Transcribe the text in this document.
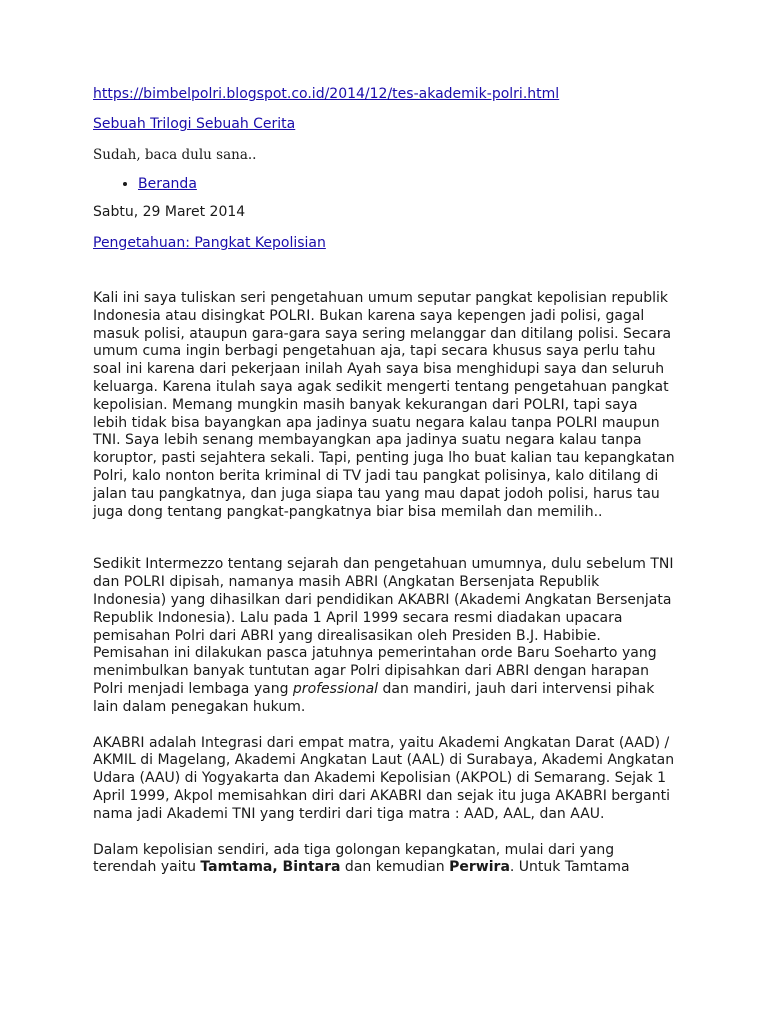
https://bimbelpolri.blogspot.co.id/2014/12/tes-akademik-polri.html

Sebuah Trilogi Sebuah Cerita

Sudah, baca dulu sana..

• Beranda

Sabtu, 29 Maret 2014

Pengetahuan: Pangkat Kepolisian

Kali ini saya tuliskan seri pengetahuan umum seputar pangkat kepolisian republik Indonesia atau disingkat POLRI. Bukan karena saya kepengen jadi polisi, gagal masuk polisi, ataupun gara-gara saya sering melanggar dan ditilang polisi. Secara umum cuma ingin berbagi pengetahuan aja, tapi secara khusus saya perlu tahu soal ini karena dari pekerjaan inilah Ayah saya bisa menghidupi saya dan seluruh keluarga. Karena itulah saya agak sedikit mengerti tentang pengetahuan pangkat kepolisian. Memang mungkin masih banyak kekurangan dari POLRI, tapi saya lebih tidak bisa bayangkan apa jadinya suatu negara kalau tanpa POLRI maupun TNI. Saya lebih senang membayangkan apa jadinya suatu negara kalau tanpa koruptor, pasti sejahtera sekali. Tapi, penting juga lho buat kalian tau kepangkatan Polri, kalo nonton berita kriminal di TV jadi tau pangkat polisinya, kalo ditilang di jalan tau pangkatnya, dan juga siapa tau yang mau dapat jodoh polisi, harus tau juga dong tentang pangkat-pangkatnya biar bisa memilah dan memilih..

Sedikit Intermezzo tentang sejarah dan pengetahuan umumnya, dulu sebelum TNI dan POLRI dipisah, namanya masih ABRI (Angkatan Bersenjata Republik Indonesia) yang dihasilkan dari pendidikan AKABRI (Akademi Angkatan Bersenjata Republik Indonesia). Lalu pada 1 April 1999 secara resmi diadakan upacara pemisahan Polri dari ABRI yang direalisasikan oleh Presiden B.J. Habibie. Pemisahan ini dilakukan pasca jatuhnya pemerintahan orde Baru Soeharto yang menimbulkan banyak tuntutan agar Polri dipisahkan dari ABRI dengan harapan Polri menjadi lembaga yang professional dan mandiri, jauh dari intervensi pihak lain dalam penegakan hukum.

AKABRI adalah Integrasi dari empat matra, yaitu Akademi Angkatan Darat (AAD) / AKMIL di Magelang, Akademi Angkatan Laut (AAL) di Surabaya, Akademi Angkatan Udara (AAU) di Yogyakarta dan Akademi Kepolisian (AKPOL) di Semarang. Sejak 1 April 1999, Akpol memisahkan diri dari AKABRI dan sejak itu juga AKABRI berganti nama jadi Akademi TNI yang terdiri dari tiga matra : AAD, AAL, dan AAU.

Dalam kepolisian sendiri, ada tiga golongan kepangkatan, mulai dari yang terendah yaitu Tamtama, Bintara dan kemudian Perwira. Untuk Tamtama
